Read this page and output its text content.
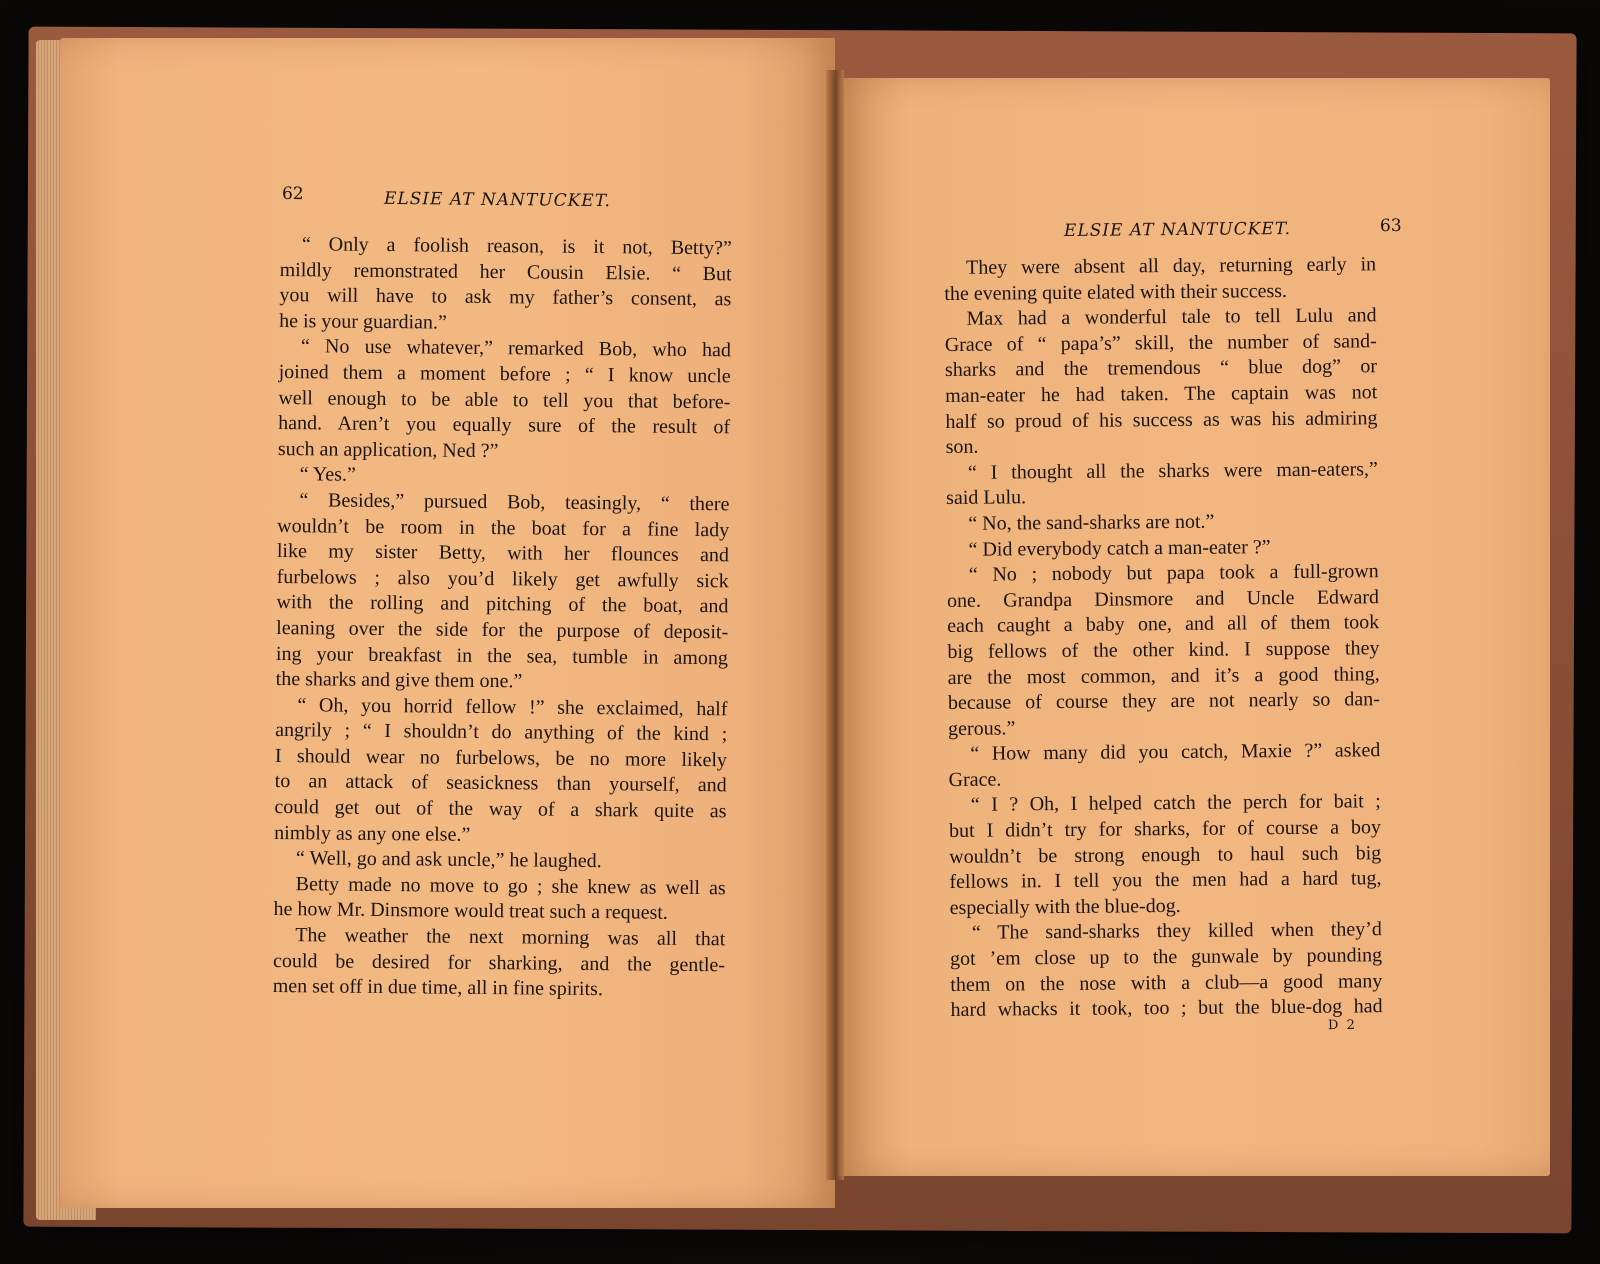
62	ELSIE AT NANTUCKET.
ELSIE AT NANTUCKET.	63
“ Only a foolish reason, is it not, Betty?”
mildly remonstrated her Cousin Elsie. “ But
you will have to ask my father’s consent, as
he is your guardian.”
“ No use whatever,” remarked Bob, who had
joined them a moment before ; “ I know uncle
well enough to be able to tell you that before-
hand. Aren’t you equally sure of the result of
such an application, Ned ?”
“ Yes.”
“ Besides,” pursued Bob, teasingly, “ there
wouldn’t be room in the boat for a fine lady
like my sister Betty, with her flounces and
furbelows ; also you’d likely get awfully sick
with the rolling and pitching of the boat, and
leaning over the side for the purpose of deposit-
ing your breakfast in the sea, tumble in among
the sharks and give them one.”
“ Oh, you horrid fellow !” she exclaimed, half
angrily ; “ I shouldn’t do anything of the kind ;
I should wear no furbelows, be no more likely
to an attack of seasickness than yourself, and
could get out of the way of a shark quite as
nimbly as any one else.”
“ Well, go and ask uncle,” he laughed.
Betty made no move to go ; she knew as well as
he how Mr. Dinsmore would treat such a request.
The weather the next morning was all that
could be desired for sharking, and the gentle-
men set off in due time, all in fine spirits.
They were absent all day, returning early in
the evening quite elated with their success.
Max had a wonderful tale to tell Lulu and
Grace of “ papa’s” skill, the number of sand-
sharks and the tremendous “ blue dog” or
man-eater he had taken. The captain was not
half so proud of his success as was his admiring
son.
“ I thought all the sharks were man-eaters,”
said Lulu.
“ No, the sand-sharks are not.”
“ Did everybody catch a man-eater ?”
“ No ; nobody but papa took a full-grown
one. Grandpa Dinsmore and Uncle Edward
each caught a baby one, and all of them took
big fellows of the other kind. I suppose they
are the most common, and it’s a good thing,
because of course they are not nearly so dan-
gerous.”
“ How many did you catch, Maxie ?” asked
Grace.
“ I ? Oh, I helped catch the perch for bait ;
but I didn’t try for sharks, for of course a boy
wouldn’t be strong enough to haul such big
fellows in. I tell you the men had a hard tug,
especially with the blue-dog.
“ The sand-sharks they killed when they’d
got ’em close up to the gunwale by pounding
them on the nose with a club—a good many
hard whacks it took, too ; but the blue-dog had
D 2
